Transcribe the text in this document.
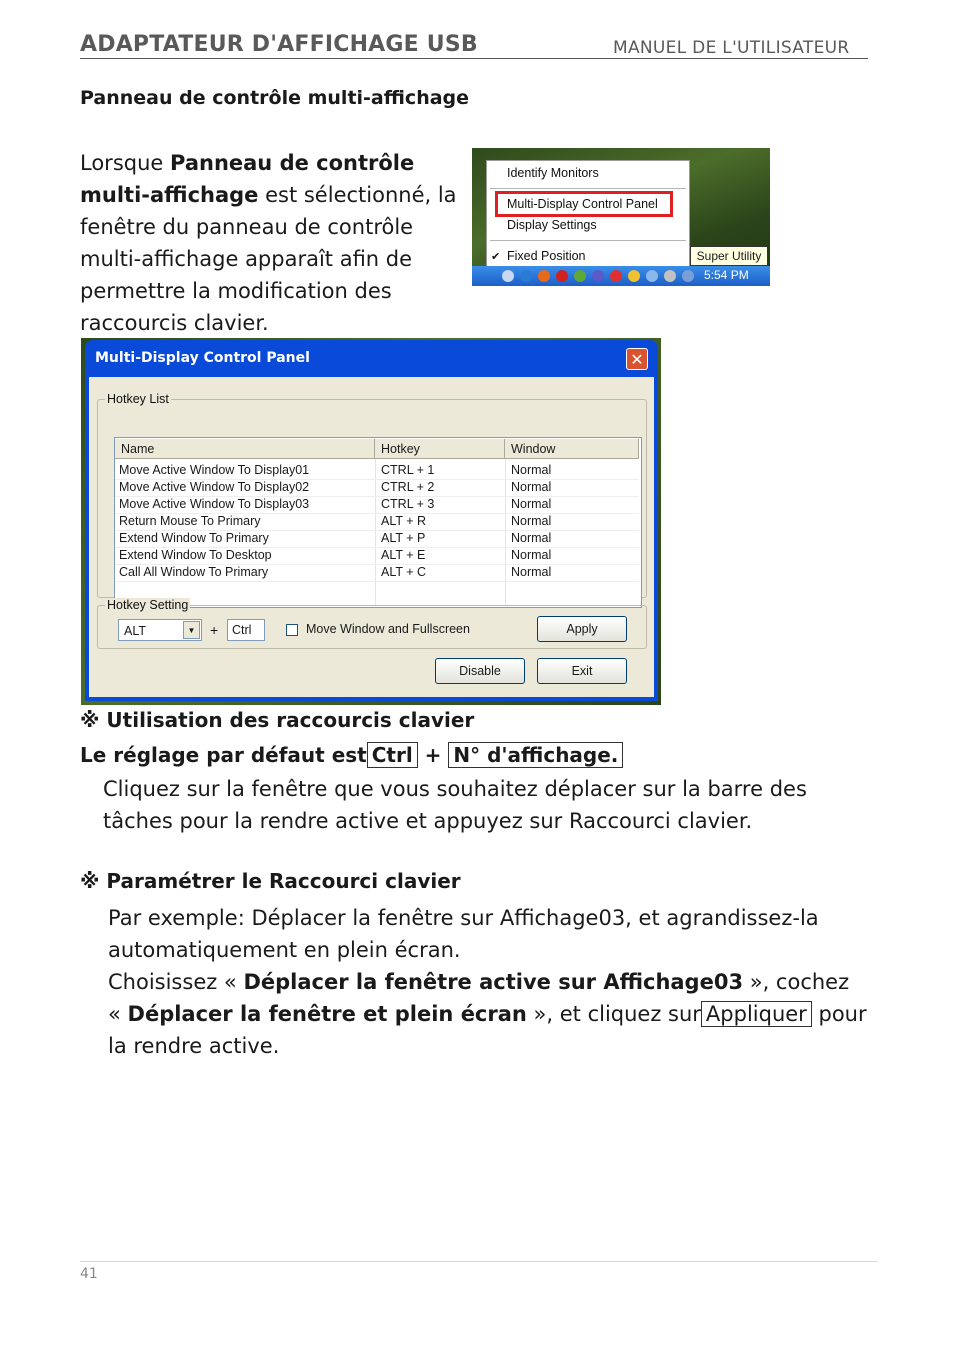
ADAPTATEUR D'AFFICHAGE USB	MANUEL DE L'UTILISATEUR
Panneau de contrôle multi-affichage
Lorsque Panneau de contrôle multi-affichage est sélectionné, la fenêtre du panneau de contrôle multi-affichage apparaît afin de permettre la modification des raccourcis clavier.
Identify Monitors
Multi-Display Control Panel
Display Settings
✔ Fixed Position	Super Utility
5:54 PM
Multi-Display Control Panel	✕
Hotkey List
Name	Hotkey	Window
Move Active Window To Display01	CTRL + 1	Normal
Move Active Window To Display02	CTRL + 2	Normal
Move Active Window To Display03	CTRL + 3	Normal
Return Mouse To Primary	ALT + R	Normal
Extend Window To Primary	ALT + P	Normal
Extend Window To Desktop	ALT + E	Normal
Call All Window To Primary	ALT + C	Normal
Hotkey Setting
ALT	▼	+	Ctrl	Move Window and Fullscreen	Apply
Disable	Exit
※ Utilisation des raccourcis clavier
Le réglage par défaut est Ctrl + N° d'affichage.
Cliquez sur la fenêtre que vous souhaitez déplacer sur la barre des tâches pour la rendre active et appuyez sur Raccourci clavier.
※ Paramétrer le Raccourci clavier
Par exemple: Déplacer la fenêtre sur Affichage03, et agrandissez-la automatiquement en plein écran.
Choisissez « Déplacer la fenêtre active sur Affichage03 », cochez « Déplacer la fenêtre et plein écran », et cliquez sur Appliquer pour la rendre active.
41
